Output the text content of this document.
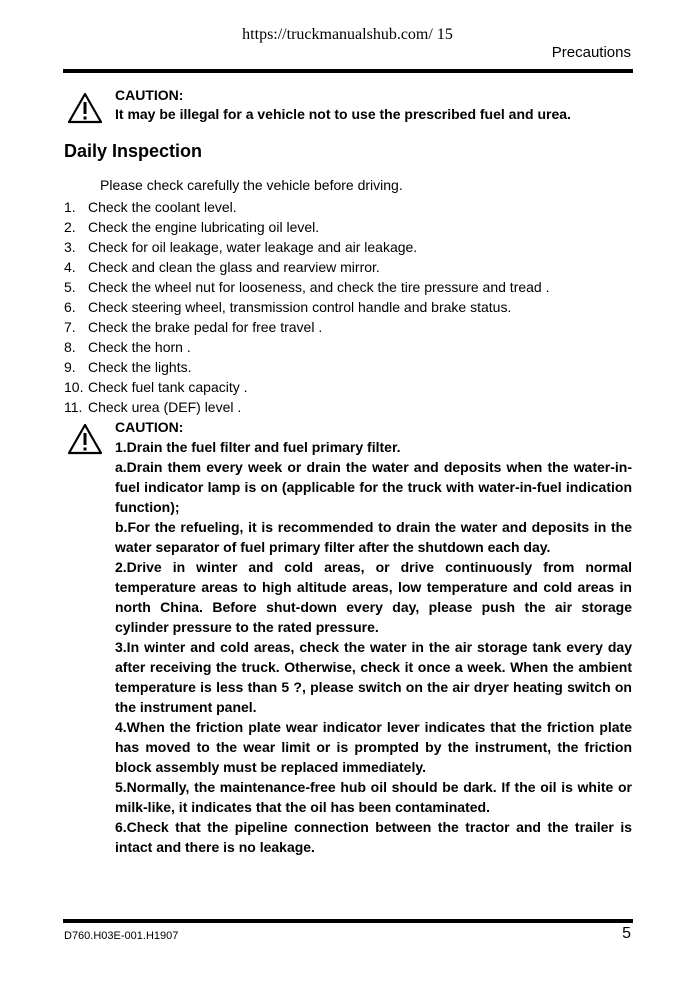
https://truckmanualshub.com/ 15
Precautions
CAUTION:
It may be illegal for a vehicle not to use the prescribed fuel and urea.
Daily Inspection
Please check carefully the vehicle before driving.
1. Check the coolant level.
2. Check the engine lubricating oil level.
3. Check for oil leakage, water leakage and air leakage.
4. Check and clean the glass and rearview mirror.
5. Check the wheel nut for looseness, and check the tire pressure and tread .
6. Check steering wheel, transmission control handle and brake status.
7. Check the brake pedal for free travel .
8. Check the horn .
9. Check the lights.
10. Check fuel tank capacity .
11. Check urea (DEF) level .
CAUTION:
1.Drain the fuel filter and fuel primary filter.
a.Drain them every week or drain the water and deposits when the water-in-fuel indicator lamp is on (applicable for the truck with water-in-fuel indication function);
b.For the refueling, it is recommended to drain the water and deposits in the water separator of fuel primary filter after the shutdown each day.
2.Drive in winter and cold areas, or drive continuously from normal temperature areas to high altitude areas, low temperature and cold areas in north China. Before shut-down every day, please push the air storage cylinder pressure to the rated pressure.
3.In winter and cold areas, check the water in the air storage tank every day after receiving the truck. Otherwise, check it once a week. When the ambient temperature is less than 5 ?, please switch on the air dryer heating switch on the instrument panel.
4.When the friction plate wear indicator lever indicates that the friction plate has moved to the wear limit or is prompted by the instrument, the friction block assembly must be replaced immediately.
5.Normally, the maintenance-free hub oil should be dark. If the oil is white or milk-like, it indicates that the oil has been contaminated.
6.Check that the pipeline connection between the tractor and the trailer is intact and there is no leakage.
D760.H03E-001.H1907	5
